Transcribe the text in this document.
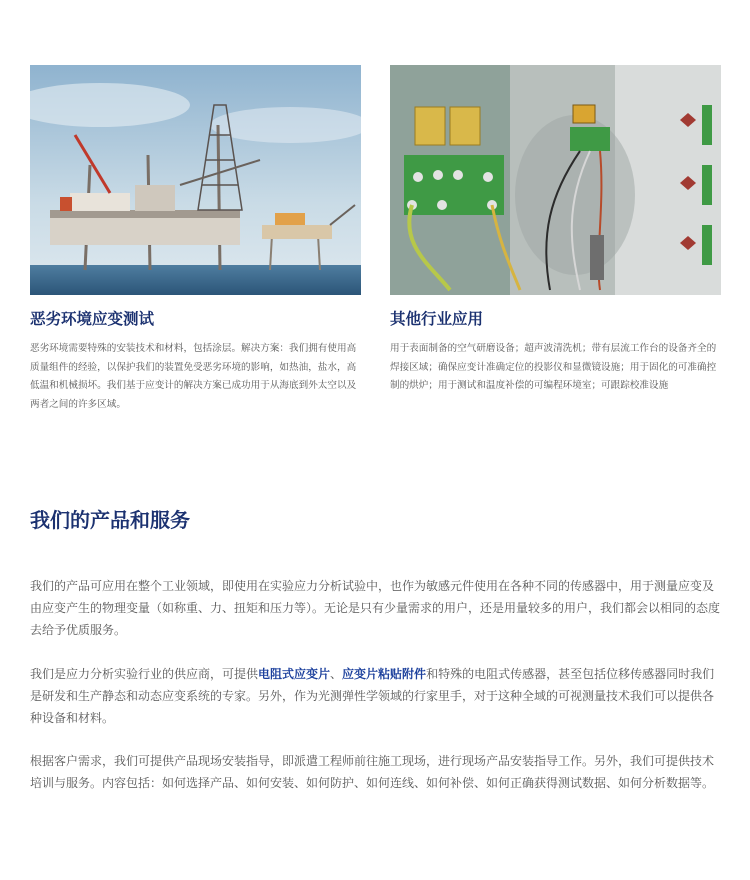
恶劣环境应变测试
恶劣环境需要特殊的安装技术和材料，包括涂层。解决方案：我们拥有使用高质量组件的经验，以保护我们的装置免受恶劣环境的影响，如热油，盐水，高低温和机械损坏。我们基于应变计的解决方案已成功用于从海底到外太空以及两者之间的许多区域。
其他行业应用
用于表面制备的空气研磨设备；超声波清洗机；带有层流工作台的设备齐全的焊接区域；确保应变计准确定位的投影仪和显微镜设施；用于固化的可准确控制的烘炉；用于测试和温度补偿的可编程环境室；可跟踪校准设施
我们的产品和服务
我们的产品可应用在整个工业领域，即使用在实验应力分析试验中，也作为敏感元件使用在各种不同的传感器中，用于测量应变及由应变产生的物理变量（如称重、力、扭矩和压力等）。无论是只有少量需求的用户，还是用量较多的用户，我们都会以相同的态度去给予优质服务。
我们是应力分析实验行业的供应商，可提供电阻式应变片、应变片粘贴附件和特殊的电阻式传感器，甚至包括位移传感器同时我们是研发和生产静态和动态应变系统的专家。另外，作为光测弹性学领域的行家里手，对于这种全域的可视测量技术我们可以提供各种设备和材料。
根据客户需求，我们可提供产品现场安装指导，即派遣工程师前往施工现场，进行现场产品安装指导工作。另外，我们可提供技术培训与服务。内容包括：如何选择产品、如何安装、如何防护、如何连线、如何补偿、如何正确获得测试数据、如何分析数据等。
